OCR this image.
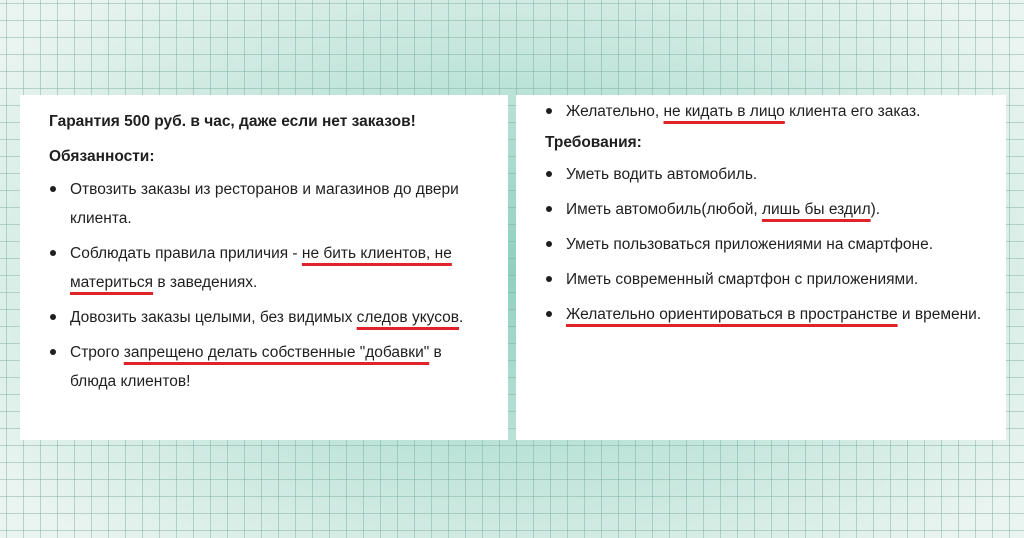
Гарантия 500 руб. в час, даже если нет заказов!
Обязанности:
Отвозить заказы из ресторанов и магазинов до двери клиента.
Соблюдать правила приличия - не бить клиентов, не материться в заведениях.
Довозить заказы целыми, без видимых следов укусов.
Строго запрещено делать собственные "добавки" в блюда клиентов!
Желательно, не кидать в лицо клиента его заказ.
Требования:
Уметь водить автомобиль.
Иметь автомобиль(любой, лишь бы ездил).
Уметь пользоваться приложениями на смартфоне.
Иметь современный смартфон с приложениями.
Желательно ориентироваться в пространстве и времени.
